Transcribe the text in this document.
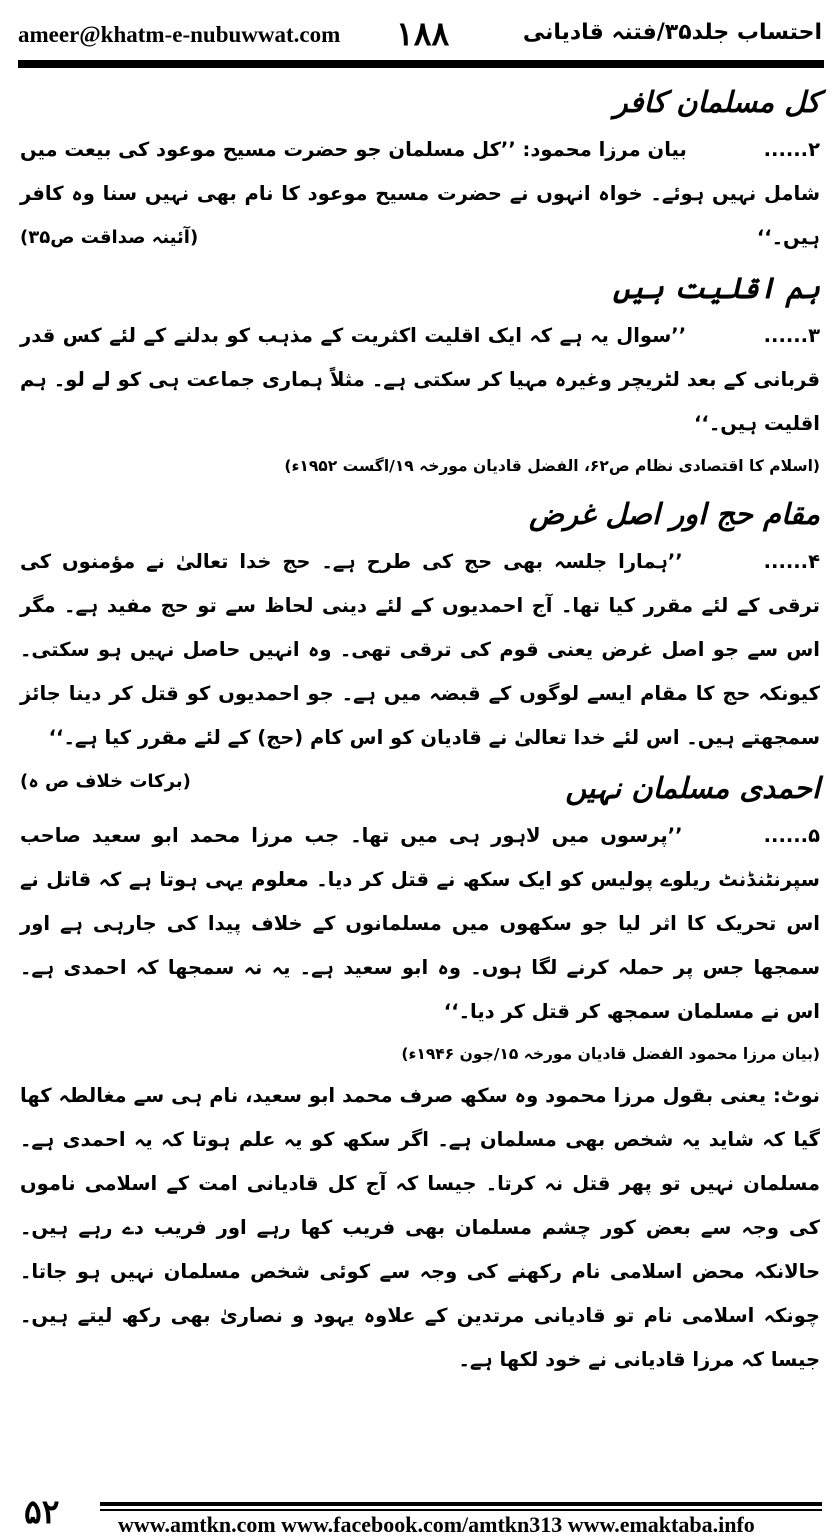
ameer@khatm-e-nubuwwat.com ۱۸۸	احتساب جلد۳۵/فتنہ قادیانی
کل مسلمان کافر

۲...... بیان مرزا محمود: ’’کل مسلمان جو حضرت مسیح موعود کی بیعت میں شامل نہیں ہوئے۔ خواہ انہوں نے حضرت مسیح موعود کا نام بھی نہیں سنا وہ کافر ہیں۔‘‘
(آئینہ صداقت ص۳۵)

ہم اقلیت ہیں

۳...... ’’سوال یہ ہے کہ ایک اقلیت اکثریت کے مذہب کو بدلنے کے لئے کس قدر قربانی کے بعد لٹریچر وغیرہ مہیا کر سکتی ہے۔ مثلاً ہماری جماعت ہی کو لے لو۔ ہم اقلیت ہیں۔‘‘

(اسلام کا اقتصادی نظام ص۶۲، الفضل قادیان مورخہ ۱۹/اگست ۱۹۵۲ء)

مقام حج اور اصل غرض

۴...... ’’ہمارا جلسہ بھی حج کی طرح ہے۔ حج خدا تعالیٰ نے مؤمنوں کی ترقی کے لئے مقرر کیا تھا۔ آج احمدیوں کے لئے دینی لحاظ سے تو حج مفید ہے۔ مگر اس سے جو اصل غرض یعنی قوم کی ترقی تھی۔ وہ انہیں حاصل نہیں ہو سکتی۔ کیونکہ حج کا مقام ایسے لوگوں کے قبضہ میں ہے۔ جو احمدیوں کو قتل کر دینا جائز سمجھتے ہیں۔ اس لئے خدا تعالیٰ نے قادیان کو اس کام (حج) کے لئے مقرر کیا ہے۔‘‘
(برکات خلاف ص ہ)	احمدی مسلمان نہیں

۵...... ’’پرسوں میں لاہور ہی میں تھا۔ جب مرزا محمد ابو سعید صاحب سپرنٹنڈنٹ ریلوے پولیس کو ایک سکھ نے قتل کر دیا۔ معلوم یہی ہوتا ہے کہ قاتل نے اس تحریک کا اثر لیا جو سکھوں میں مسلمانوں کے خلاف پیدا کی جارہی ہے اور سمجھا جس پر حملہ کرنے لگا ہوں۔ وہ ابو سعید ہے۔ یہ نہ سمجھا کہ احمدی ہے۔ اس نے مسلمان سمجھ کر قتل کر دیا۔‘‘

(بیان مرزا محمود الفضل قادیان مورخہ ۱۵/جون ۱۹۴۶ء)

نوٹ: یعنی بقول مرزا محمود وہ سکھ صرف محمد ابو سعید، نام ہی سے مغالطہ کھا گیا کہ شاید یہ شخص بھی مسلمان ہے۔ اگر سکھ کو یہ علم ہوتا کہ یہ احمدی ہے۔ مسلمان نہیں تو پھر قتل نہ کرتا۔ جیسا کہ آج کل قادیانی امت کے اسلامی ناموں کی وجہ سے بعض کور چشم مسلمان بھی فریب کھا رہے اور فریب دے رہے ہیں۔ حالانکہ محض اسلامی نام رکھنے کی وجہ سے کوئی شخص مسلمان نہیں ہو جاتا۔ چونکہ اسلامی نام تو قادیانی مرتدین کے علاوہ یہود و نصاریٰ بھی رکھ لیتے ہیں۔ جیسا کہ مرزا قادیانی نے خود لکھا ہے۔

۵۲	www.amtkn.com www.facebook.com/amtkn313 www.emaktaba.info
